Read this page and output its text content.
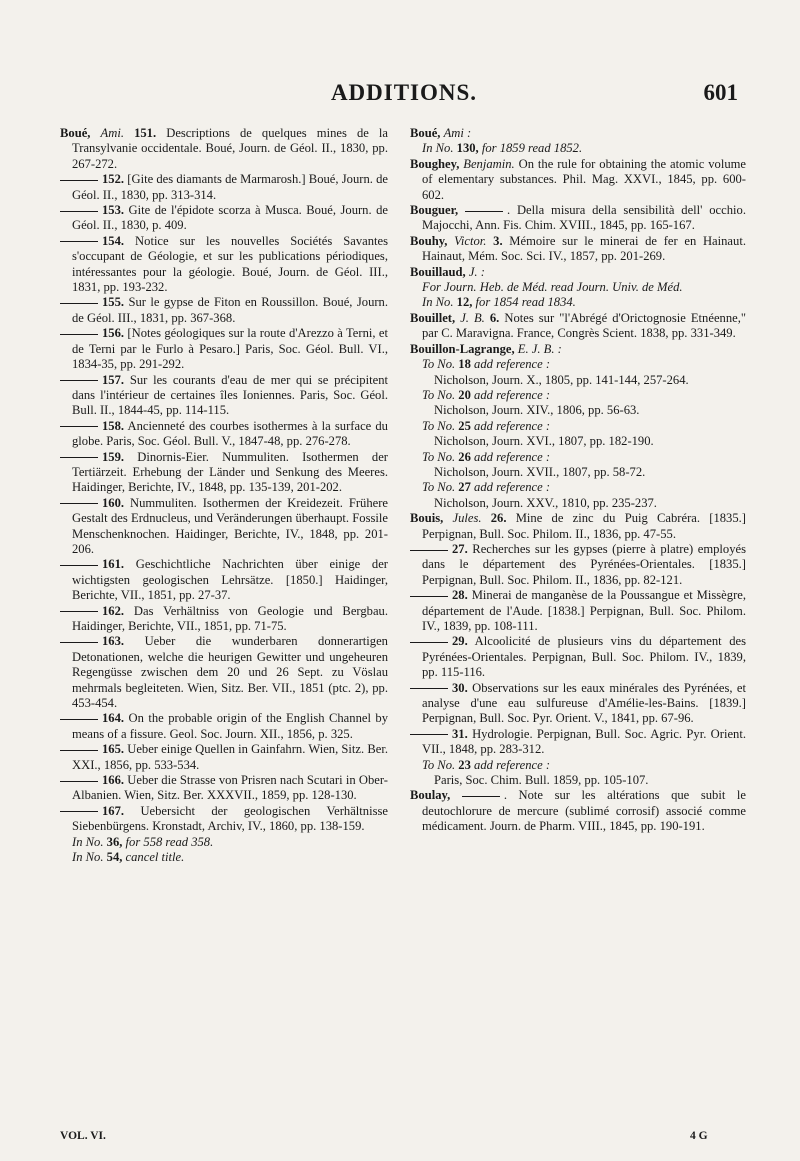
ADDITIONS.	601
Boué, Ami. 151. Descriptions de quelques mines de la Transylvanie occidentale. Boué, Journ. de Géol. II., 1830, pp. 267-272.
152. [Gite des diamants de Marmarosh.] Boué, Journ. de Géol. II., 1830, pp. 313-314.
153. Gite de l'épidote scorza à Musca. Boué, Journ. de Géol. II., 1830, p. 409.
154. Notice sur les nouvelles Sociétés Savantes s'occupant de Géologie, et sur les publications périodiques, intéressantes pour la géologie. Boué, Journ. de Géol. III., 1831, pp. 193-232.
155. Sur le gypse de Fiton en Roussillon. Boué, Journ. de Géol. III., 1831, pp. 367-368.
156. [Notes géologiques sur la route d'Arezzo à Terni, et de Terni par le Furlo à Pesaro.] Paris, Soc. Géol. Bull. VI., 1834-35, pp. 291-292.
157. Sur les courants d'eau de mer qui se précipitent dans l'intérieur de certaines îles Ioniennes. Paris, Soc. Géol. Bull. II., 1844-45, pp. 114-115.
158. Ancienneté des courbes isothermes à la surface du globe. Paris, Soc. Géol. Bull. V., 1847-48, pp. 276-278.
159. Dinornis-Eier. Nummuliten. Isothermen der Tertiärzeit. Erhebung der Länder und Senkung des Meeres. Haidinger, Berichte, IV., 1848, pp. 135-139, 201-202.
160. Nummuliten. Isothermen der Kreidezeit. Frühere Gestalt des Erdnucleus, und Veränderungen überhaupt. Fossile Menschenknochen. Haidinger, Berichte, IV., 1848, pp. 201-206.
161. Geschichtliche Nachrichten über einige der wichtigsten geologischen Lehrsätze. [1850.] Haidinger, Berichte, VII., 1851, pp. 27-37.
162. Das Verhältniss von Geologie und Bergbau. Haidinger, Berichte, VII., 1851, pp. 71-75.
163. Ueber die wunderbaren donnerartigen Detonationen, welche die heurigen Gewitter und ungeheuren Regengüsse zwischen dem 20 und 26 Sept. zu Vöslau mehrmals begleiteten. Wien, Sitz. Ber. VII., 1851 (ptc. 2), pp. 453-454.
164. On the probable origin of the English Channel by means of a fissure. Geol. Soc. Journ. XII., 1856, p. 325.
165. Ueber einige Quellen in Gainfahrn. Wien, Sitz. Ber. XXI., 1856, pp. 533-534.
166. Ueber die Strasse von Prisren nach Scutari in Ober-Albanien. Wien, Sitz. Ber. XXXVII., 1859, pp. 128-130.
167. Uebersicht der geologischen Verhältnisse Siebenbürgens. Kronstadt, Archiv, IV., 1860, pp. 138-159.
In No. 36, for 558 read 358.
In No. 54, cancel title.
Boué, Ami :
In No. 130, for 1859 read 1852.
Boughey, Benjamin. On the rule for obtaining the atomic volume of elementary substances. Phil. Mag. XXVI., 1845, pp. 600-602.
Bouguer,	. Della misura della sensibilità dell' occhio. Majocchi, Ann. Fis. Chim. XVIII., 1845, pp. 165-167.
Bouhy, Victor. 3. Mémoire sur le minerai de fer en Hainaut. Hainaut, Mém. Soc. Sci. IV., 1857, pp. 201-269.
Bouillaud, J. :
For Journ. Heb. de Méd. read Journ. Univ. de Méd.
In No. 12, for 1854 read 1834.
Bouillet, J. B. 6. Notes sur "l'Abrégé d'Orictognosie Etnéenne," par C. Maravigna. France, Congrès Scient. 1838, pp. 331-349.
Bouillon-Lagrange, E. J. B. :
To No. 18 add reference :
Nicholson, Journ. X., 1805, pp. 141-144, 257-264.
To No. 20 add reference :
Nicholson, Journ. XIV., 1806, pp. 56-63.
To No. 25 add reference :
Nicholson, Journ. XVI., 1807, pp. 182-190.
To No. 26 add reference :
Nicholson, Journ. XVII., 1807, pp. 58-72.
To No. 27 add reference :
Nicholson, Journ. XXV., 1810, pp. 235-237.
Bouis, Jules. 26. Mine de zinc du Puig Cabréra. [1835.] Perpignan, Bull. Soc. Philom. II., 1836, pp. 47-55.
27. Recherches sur les gypses (pierre à platre) employés dans le département des Pyrénées-Orientales. [1835.] Perpignan, Bull. Soc. Philom. II., 1836, pp. 82-121.
28. Minerai de manganèse de la Poussangue et Missègre, département de l'Aude. [1838.] Perpignan, Bull. Soc. Philom. IV., 1839, pp. 108-111.
29. Alcoolicité de plusieurs vins du département des Pyrénées-Orientales. Perpignan, Bull. Soc. Philom. IV., 1839, pp. 115-116.
30. Observations sur les eaux minérales des Pyrénées, et analyse d'une eau sulfureuse d'Amélie-les-Bains. [1839.] Perpignan, Bull. Soc. Pyr. Orient. V., 1841, pp. 67-96.
31. Hydrologie. Perpignan, Bull. Soc. Agric. Pyr. Orient. VII., 1848, pp. 283-312.
To No. 23 add reference :
Paris, Soc. Chim. Bull. 1859, pp. 105-107.
Boulay,	. Note sur les altérations que subit le deutochlorure de mercure (sublimé corrosif) associé comme médicament. Journ. de Pharm. VIII., 1845, pp. 190-191.
VOL. VI.	4 G
